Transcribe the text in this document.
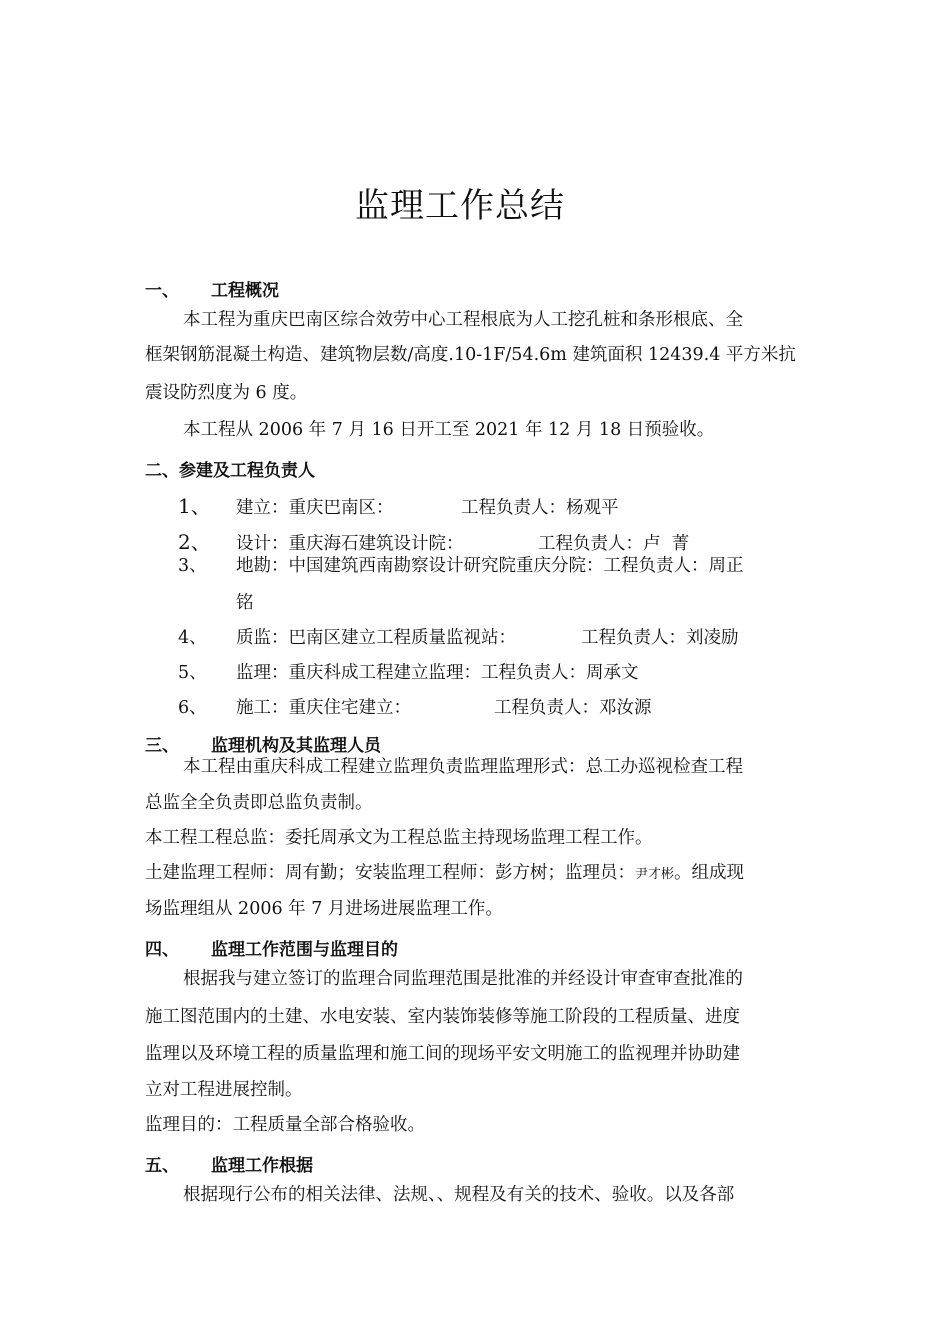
监理工作总结
一、 工程概况
本工程为重庆巴南区综合效劳中心工程根底为人工挖孔桩和条形根底、全
框架钢筋混凝土构造、建筑物层数/高度.10-1F/54.6m 建筑面积 12439.4 平方米抗
震设防烈度为 6 度。
本工程从 2006 年 7 月 16 日开工至 2021 年 12 月 18 日预验收。
二、参建及工程负责人
1、 建立：重庆巴南区：	工程负责人：杨观平
2、 设计：重庆海石建筑设计院：	工程负责人：卢  菁
3、 地勘：中国建筑西南勘察设计研究院重庆分院：工程负责人：周正
铭
4、 质监：巴南区建立工程质量监视站：	工程负责人：刘凌励
5、 监理：重庆科成工程建立监理：工程负责人：周承文
6、 施工：重庆住宅建立：	工程负责人：邓汝源
三、 监理机构及其监理人员
本工程由重庆科成工程建立监理负责监理监理形式：总工办巡视检查工程
总监全全负责即总监负责制。
本工程工程总监：委托周承文为工程总监主持现场监理工程工作。
土建监理工程师：周有勤；安装监理工程师：彭方树；监理员：尹才彬。组成现
场监理组从 2006 年 7 月进场进展监理工作。
四、 监理工作范围与监理目的
根据我与建立签订的监理合同监理范围是批准的并经设计审查审查批准的
施工图范围内的土建、水电安装、室内装饰装修等施工阶段的工程质量、进度
监理以及环境工程的质量监理和施工间的现场平安文明施工的监视理并协助建
立对工程进展控制。
监理目的：工程质量全部合格验收。
五、 监理工作根据
根据现行公布的相关法律、法规、、规程及有关的技术、验收。以及各部
